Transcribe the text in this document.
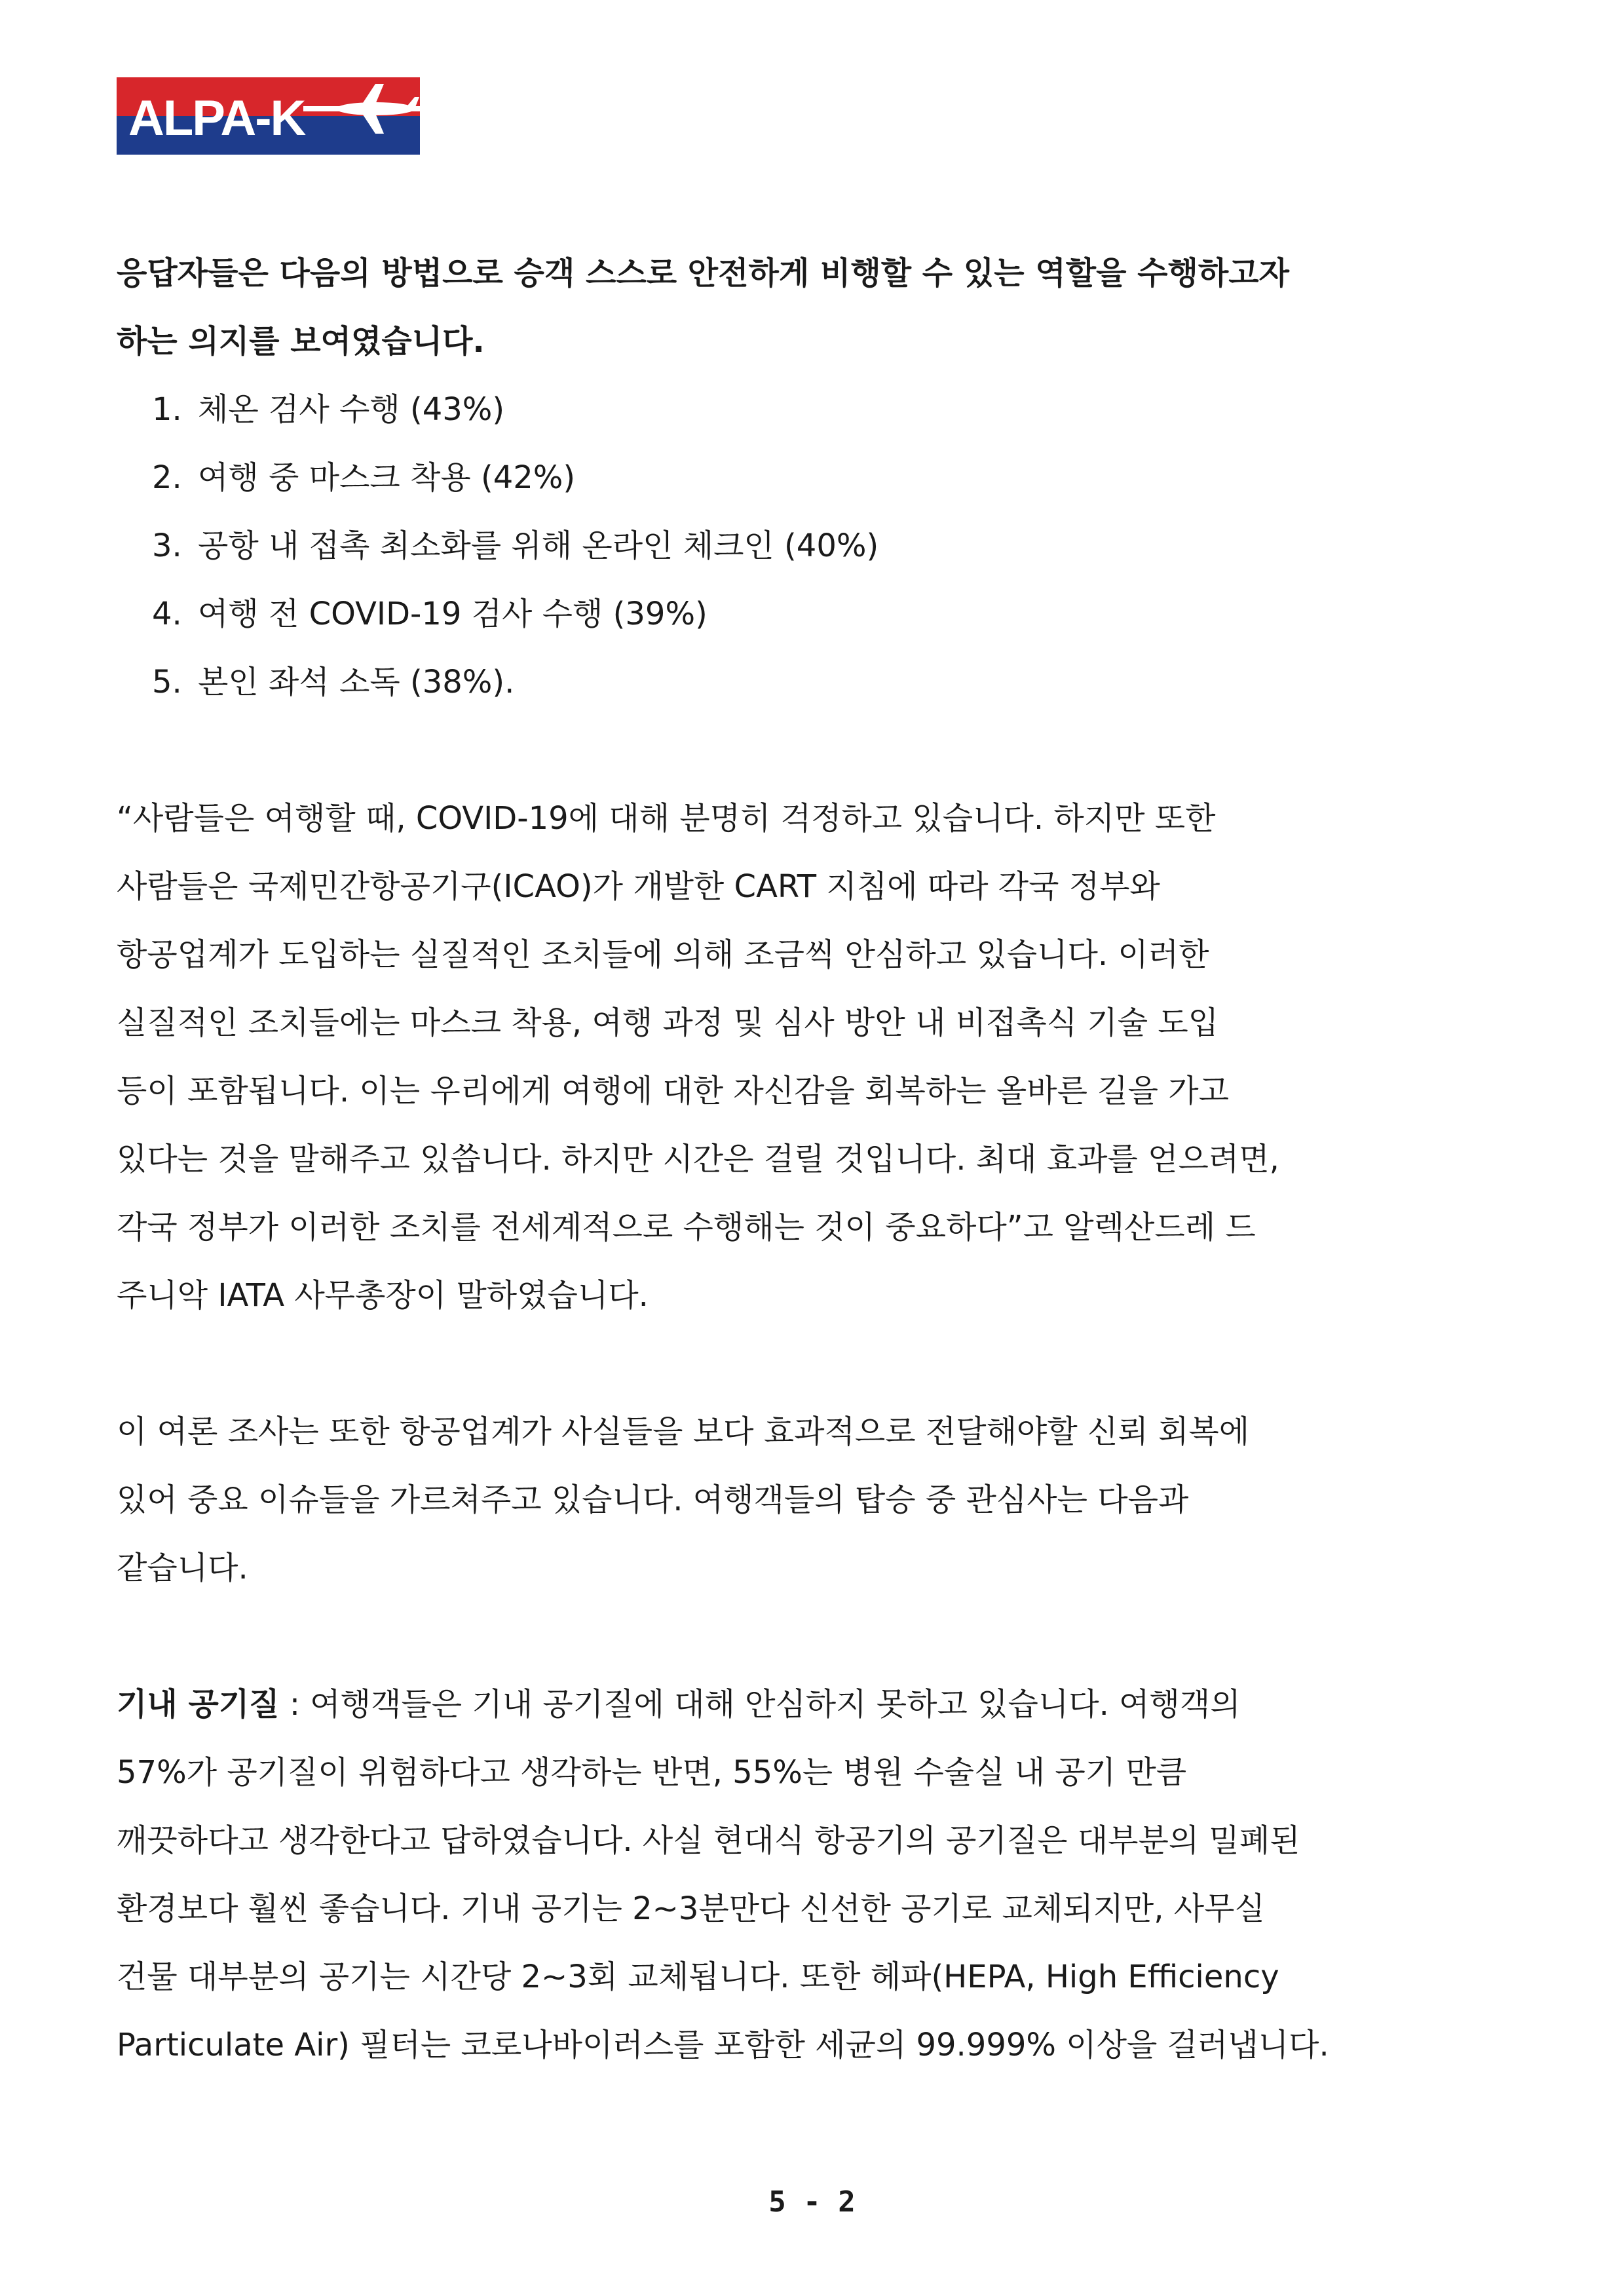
ALPA-K

응답자들은 다음의 방법으로 승객 스스로 안전하게 비행할 수 있는 역할을 수행하고자

하는 의지를 보여였습니다.

1. 체온 검사 수행 (43%)
2. 여행 중 마스크 착용 (42%)
3. 공항 내 접촉 최소화를 위해 온라인 체크인 (40%)
4. 여행 전 COVID-19 검사 수행 (39%)
5. 본인 좌석 소독 (38%).

“사람들은 여행할 때, COVID-19에 대해 분명히 걱정하고 있습니다. 하지만 또한

사람들은 국제민간항공기구(ICAO)가 개발한 CART 지침에 따라 각국 정부와

항공업계가 도입하는 실질적인 조치들에 의해 조금씩 안심하고 있습니다. 이러한

실질적인 조치들에는 마스크 착용, 여행 과정 및 심사 방안 내 비접촉식 기술 도입

등이 포함됩니다. 이는 우리에게 여행에 대한 자신감을 회복하는 올바른 길을 가고

있다는 것을 말해주고 있씁니다. 하지만 시간은 걸릴 것입니다. 최대 효과를 얻으려면,

각국 정부가 이러한 조치를 전세계적으로 수행해는 것이 중요하다”고 알렉산드레 드

주니악 IATA 사무총장이 말하였습니다.

이 여론 조사는 또한 항공업계가 사실들을 보다 효과적으로 전달해야할 신뢰 회복에

있어 중요 이슈들을 가르쳐주고 있습니다. 여행객들의 탑승 중 관심사는 다음과

같습니다.

기내 공기질 : 여행객들은 기내 공기질에 대해 안심하지 못하고 있습니다. 여행객의

57%가 공기질이 위험하다고 생각하는 반면, 55%는 병원 수술실 내 공기 만큼

깨끗하다고 생각한다고 답하였습니다. 사실 현대식 항공기의 공기질은 대부분의 밀폐된

환경보다 훨씬 좋습니다. 기내 공기는 2~3분만다 신선한 공기로 교체되지만, 사무실

건물 대부분의 공기는 시간당 2~3회 교체됩니다. 또한 헤파(HEPA, High Efficiency

Particulate Air) 필터는 코로나바이러스를 포함한 세균의 99.999% 이상을 걸러냅니다.

5 - 2
